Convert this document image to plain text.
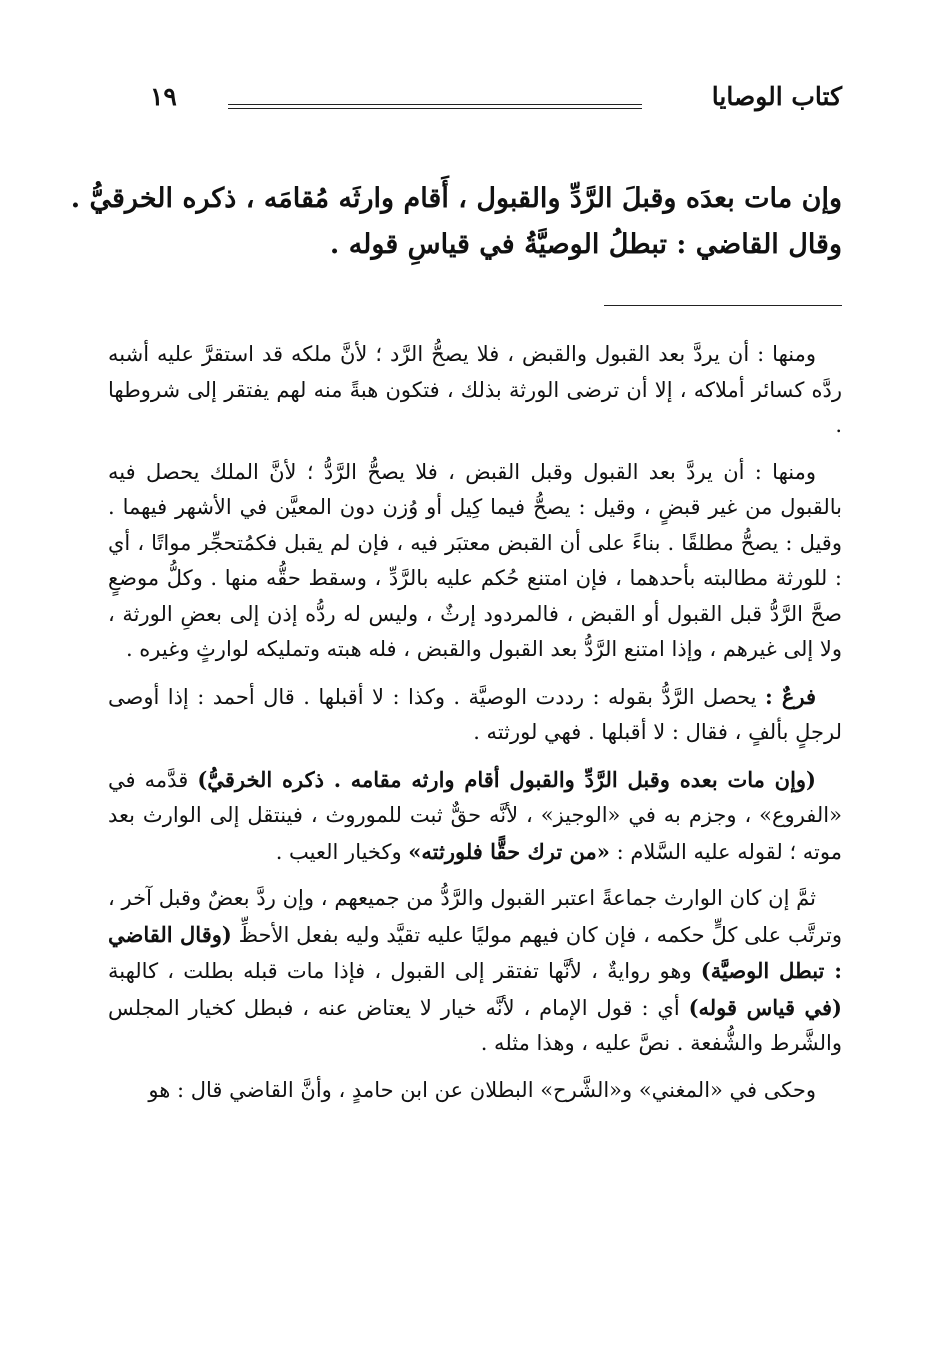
كتاب الوصايا
١٩

وإن مات بعدَه وقبلَ الرَّدِّ والقبول ، أَقام وارثَه مُقامَه ، ذكره الخرقيُّ .

وقال القاضي : تبطلُ الوصيَّةُ في قياسِ قوله .

ومنها : أن يردَّ بعد القبول والقبض ، فلا يصحُّ الرَّد ؛ لأنَّ ملكه قد استقرَّ عليه أشبه ردَّه كسائر أملاكه ، إلا أن ترضى الورثة بذلك ، فتكون هبةً منه لهم يفتقر إلى شروطها .

ومنها : أن يردَّ بعد القبول وقبل القبض ، فلا يصحُّ الرَّدُّ ؛ لأنَّ الملك يحصل فيه بالقبول من غير قبضٍ ، وقيل : يصحُّ فيما كِيل أو وُزن دون المعيَّن في الأشهر فيهما . وقيل : يصحُّ مطلقًا . بناءً على أن القبض معتبَر فيه ، فإن لم يقبل فكمُتحجِّر مواتًا ، أي : للورثة مطالبته بأحدهما ، فإن امتنع حُكم عليه بالرَّدِّ ، وسقط حقُّه منها . وكلُّ موضعٍ صحَّ الرَّدُّ قبل القبول أو القبض ، فالمردود إرثٌ ، وليس له ردُّه إذن إلى بعضِ الورثة ، ولا إلى غيرهم ، وإذا امتنع الرَّدُّ بعد القبول والقبض ، فله هبته وتمليكه لوارثٍ وغيره .

فرعٌ : يحصل الرَّدُّ بقوله : رددت الوصيَّة . وكذا : لا أقبلها . قال أحمد : إذا أوصى لرجلٍ بألفٍ ، فقال : لا أقبلها . فهي لورثته .

(وإن مات بعده وقبل الرَّدِّ والقبول أقام وارثه مقامه . ذكره الخرقيُّ) قدَّمه في «الفروع» ، وجزم به في «الوجيز» ، لأنَّه حقٌّ ثبت للموروث ، فينتقل إلى الوارث بعد موته ؛ لقوله عليه السَّلام : «من ترك حقًّا فلورثته» وكخيار العيب .

ثمَّ إن كان الوارث جماعةً اعتبر القبول والرَّدُّ من جميعهم ، وإن ردَّ بعضٌ وقبل آخر ، وترتَّب على كلٍّ حكمه ، فإن كان فيهم موليًا عليه تقيَّد وليه بفعل الأحظِّ (وقال القاضي : تبطل الوصيَّة) وهو روايةٌ ، لأنَّها تفتقر إلى القبول ، فإذا مات قبله بطلت ، كالهبة (في قياس قوله) أي : قول الإمام ، لأنَّه خيار لا يعتاض عنه ، فبطل كخيار المجلس والشَّرط والشُّفعة . نصَّ عليه ، وهذا مثله .

وحكى في «المغني» و«الشَّرح» البطلان عن ابن حامدٍ ، وأنَّ القاضي قال : هو
